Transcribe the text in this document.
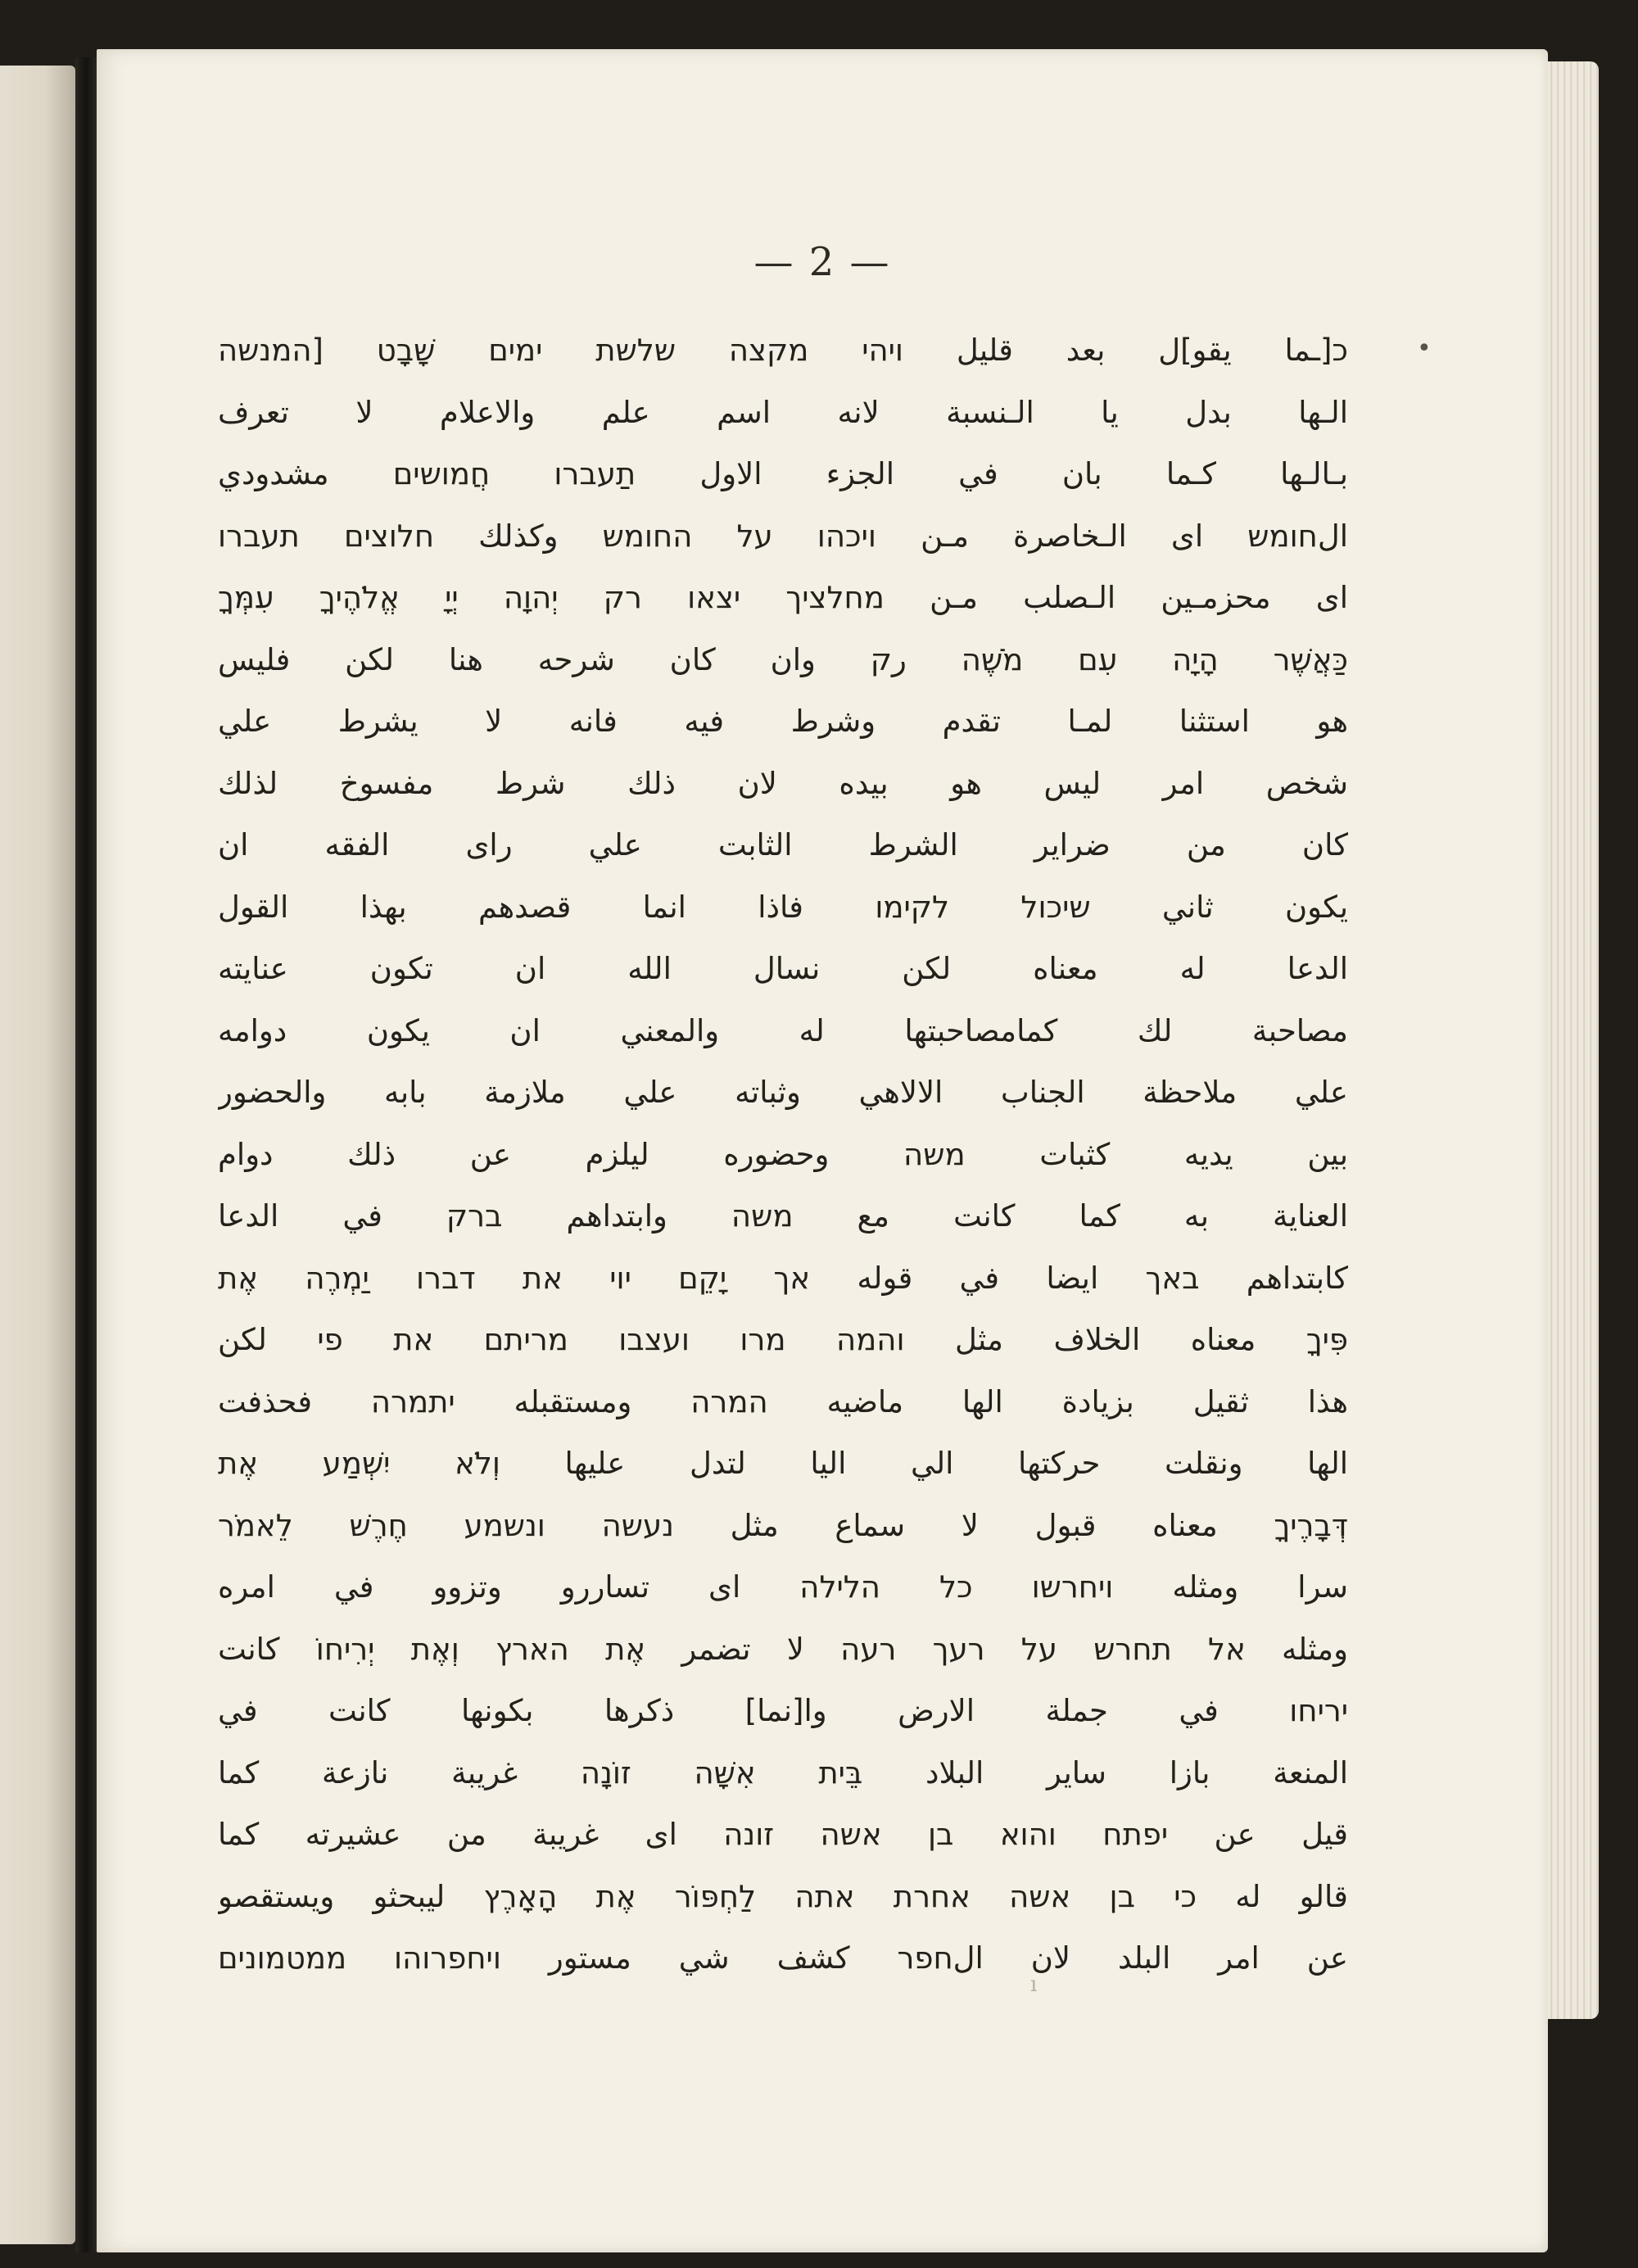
— 2 —
•
כ[ـما يقو]ل بعد قليل ויהי מקצה שלשת ימים שָׁבָט [המנשה
الـها بدل يا الـنسبة لانه اسم علم والاعلام لا تعرف
بـالـها كـما بان في الجزء الاول תַעברו חֲמושים مشدودي
الחומש اى الـخاصرة مـن ויכהו על החומש وكذلك חלוצים תעברו
اى محزمـين الـصلب مـن מחלציך יצאו רק יְהוָה יְיָ אֱלֹהֶיךָ עִמְּךָ
כַּאֲשֶׁר הָיָה עִם מֹשֶׁה رק وان كان شرحه هنا لكن فليس
هو استثنا لمـا تقدم وشرط فيه فانه لا يشرط علي
شخص امر ليس هو بيده لان ذلك شرط مفسوخ لذلك
كان من ضراير الشرط الثابت علي راى الفقه ان
يكون ثاني שיכול לקימו فاذا انما قصدهم بهذا القول
الدعا له معناه لكن نسال الله ان تكون عنايته
مصاحبة لك كمامصاحبتها له والمعني ان يكون دوامه
علي ملاحظة الجناب الالاهي وثباته علي ملازمة بابه والحضور
بين يديه كثبات משה وحضوره ليلزم عن ذلك دوام
العناية به كما كانت مع משה وابتداهم ברק في الدعا
كابتداهم באך ايضا في قوله אך יָקֵם יוי את דברו יַמְרֶה אֶת
פִּיךָ معناه الخلاف مثل והמה מרו ועצבו מריתם את פי لكن
هذا ثقيل بزيادة الها ماضيه המרה ومستقبله יתמרה فحذفت
الها ونقلت حركتها الي اليا لتدل عليها וְלֹא יִשְׁמַע אֶת
דְּבָרֶיךָ معناه قبول لا سماع مثل נעשה ונשמע חֶרֶשׁ לֵאמֹר
سرا ومثله ויחרשו כל הלילה اى تساررو وتزوو في امره
ومثله אל תחרש על רעך רעה لا تضمر אֶת הארץ וְאֶת יְרִיחוֹ كانت
יריחו في جملة الارض وا[نما] ذكرها بكونها كانت في
المنعة بازا ساير البلاد בֵּית אִשָּׁה זוֹנָה غريبة نازعة كما
قيل عن יפתח והוא בן אשה זונה اى غريبة من عشيرته كما
قالو له כי בן אשה אחרת אתה לַחְפּוֹר אֶת הָאָרֶץ ليبحثو ويستقصو
عن امر البلد لان الחפר كشف شي مستور ויחפרוהו ממטמונים
ı
